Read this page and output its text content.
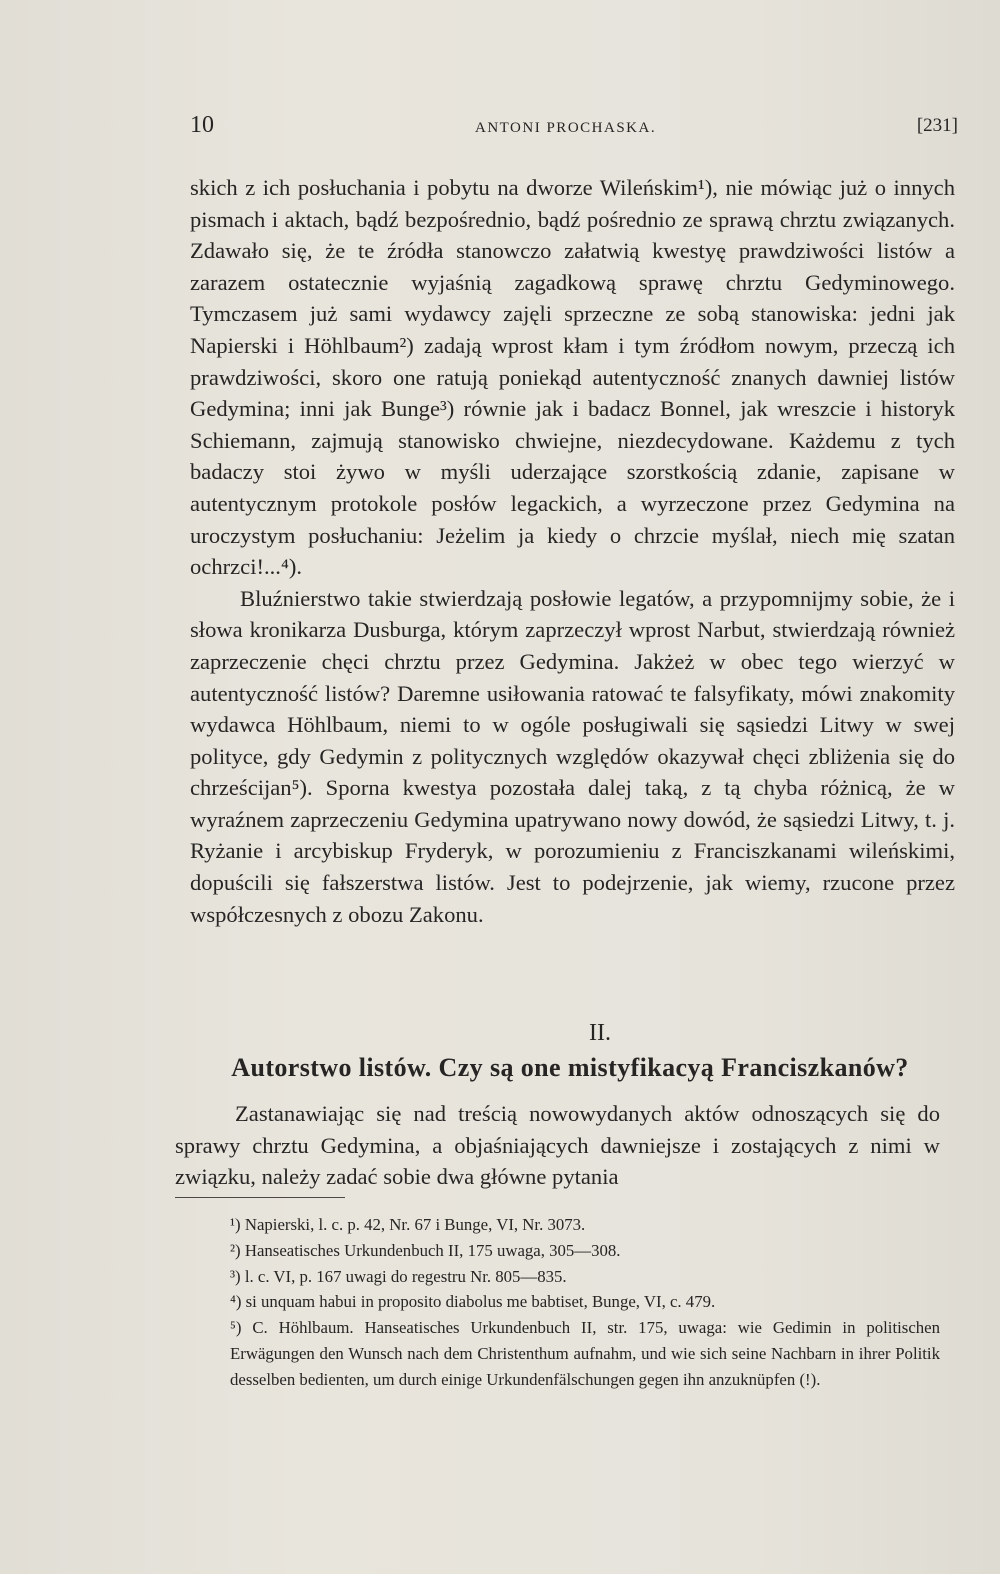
10	ANTONI PROCHASKA.	[231]

skich z ich posłuchania i pobytu na dworze Wileńskim¹), nie mówiąc już o innych pismach i aktach, bądź bezpośrednio, bądź pośrednio ze sprawą chrztu związanych. Zdawało się, że te źródła stanowczo załatwią kwestyę prawdziwości listów a zarazem ostatecznie wyjaśnią zagadkową sprawę chrztu Gedyminowego. Tymczasem już sami wydawcy zajęli sprzeczne ze sobą stanowiska: jedni jak Napierski i Höhlbaum²) zadają wprost kłam i tym źródłom nowym, przeczą ich prawdziwości, skoro one ratują poniekąd autentyczność znanych dawniej listów Gedymina; inni jak Bunge³) równie jak i badacz Bonnel, jak wreszcie i historyk Schiemann, zajmują stanowisko chwiejne, niezdecydowane. Każdemu z tych badaczy stoi żywo w myśli uderzające szorstkością zdanie, zapisane w autentycznym protokole posłów legackich, a wyrzeczone przez Gedymina na uroczystym posłuchaniu: Jeżelim ja kiedy o chrzcie myślał, niech mię szatan ochrzci!...⁴).

Bluźnierstwo takie stwierdzają posłowie legatów, a przypomnijmy sobie, że i słowa kronikarza Dusburga, którym zaprzeczył wprost Narbut, stwierdzają również zaprzeczenie chęci chrztu przez Gedymina. Jakżeż w obec tego wierzyć w autentyczność listów? Daremne usiłowania ratować te falsyfikaty, mówi znakomity wydawca Höhlbaum, niemi to w ogóle posługiwali się sąsiedzi Litwy w swej polityce, gdy Gedymin z politycznych względów okazywał chęci zbliżenia się do chrześcijan⁵). Sporna kwestya pozostała dalej taką, z tą chyba różnicą, że w wyraźnem zaprzeczeniu Gedymina upatrywano nowy dowód, że sąsiedzi Litwy, t. j. Ryżanie i arcybiskup Fryderyk, w porozumieniu z Franciszkanami wileńskimi, dopuścili się fałszerstwa listów. Jest to podejrzenie, jak wiemy, rzucone przez współczesnych z obozu Zakonu.

II.
Autorstwo listów. Czy są one mistyfikacyą Franciszkanów?
Zastanawiając się nad treścią nowowydanych aktów odnoszących się do sprawy chrztu Gedymina, a objaśniających dawniejsze i zostających z nimi w związku, należy zadać sobie dwa główne pytania

¹) Napierski, l. c. p. 42, Nr. 67 i Bunge, VI, Nr. 3073.

²) Hanseatisches Urkundenbuch II, 175 uwaga, 305—308.

³) l. c. VI, p. 167 uwagi do regestru Nr. 805—835.

⁴) si unquam habui in proposito diabolus me babtiset, Bunge, VI, c. 479.

⁵) C. Höhlbaum. Hanseatisches Urkundenbuch II, str. 175, uwaga: wie Gedimin in politischen Erwägungen den Wunsch nach dem Christenthum aufnahm, und wie sich seine Nachbarn in ihrer Politik desselben bedienten, um durch einige Urkundenfälschungen gegen ihn anzuknüpfen (!).
